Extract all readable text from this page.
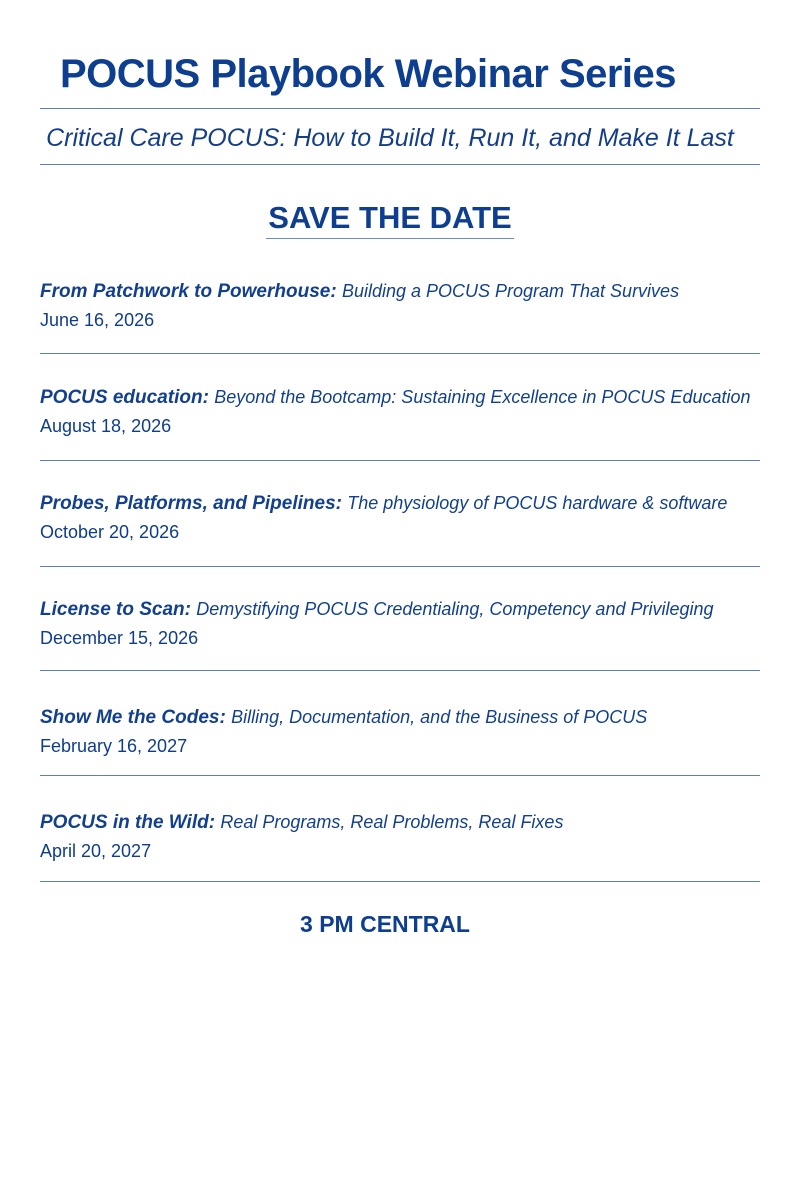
POCUS Playbook Webinar Series
Critical Care POCUS: How to Build It, Run It, and Make It Last
SAVE THE DATE
From Patchwork to Powerhouse: Building a POCUS Program That Survives
June 16, 2026
POCUS education: Beyond the Bootcamp: Sustaining Excellence in POCUS Education
August 18, 2026
Probes, Platforms, and Pipelines: The physiology of POCUS hardware & software
October 20, 2026
License to Scan: Demystifying POCUS Credentialing, Competency and Privileging
December 15, 2026
Show Me the Codes: Billing, Documentation, and the Business of POCUS
February 16, 2027
POCUS in the Wild: Real Programs, Real Problems, Real Fixes
April 20, 2027
3 PM CENTRAL
